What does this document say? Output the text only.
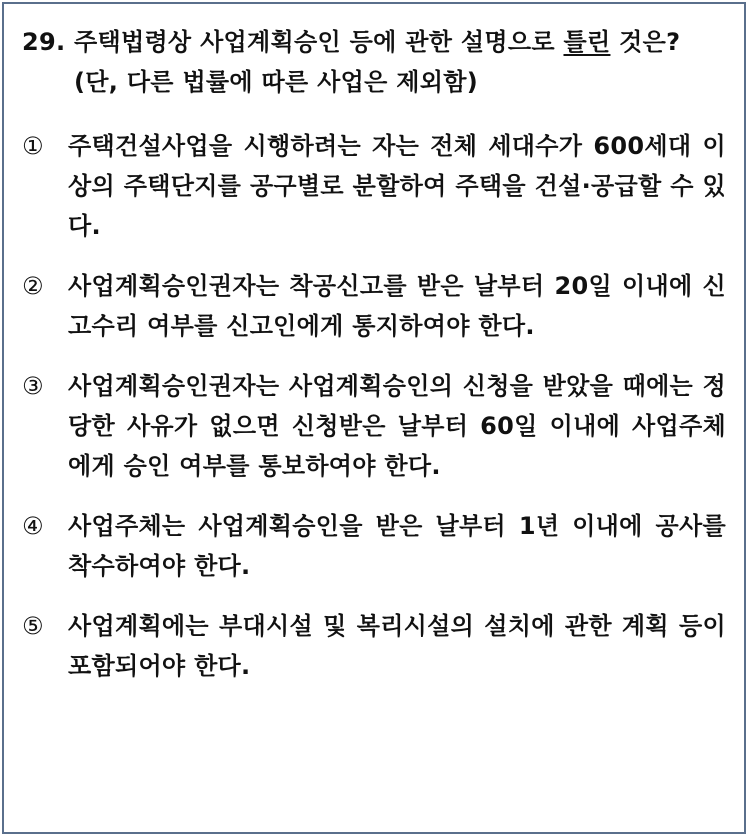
29. 주택법령상 사업계획승인 등에 관한 설명으로 틀린 것은? (단, 다른 법률에 따른 사업은 제외함)

①	주택건설사업을 시행하려는 자는 전체 세대수가 600세대 이상의 주택단지를 공구별로 분할하여 주택을 건설·공급할 수 있다.
②	사업계획승인권자는 착공신고를 받은 날부터 20일 이내에 신고수리 여부를 신고인에게 통지하여야 한다.
③	사업계획승인권자는 사업계획승인의 신청을 받았을 때에는 정당한 사유가 없으면 신청받은 날부터 60일 이내에 사업주체에게 승인 여부를 통보하여야 한다.
④	사업주체는 사업계획승인을 받은 날부터 1년 이내에 공사를 착수하여야 한다.
⑤	사업계획에는 부대시설 및 복리시설의 설치에 관한 계획 등이 포함되어야 한다.
